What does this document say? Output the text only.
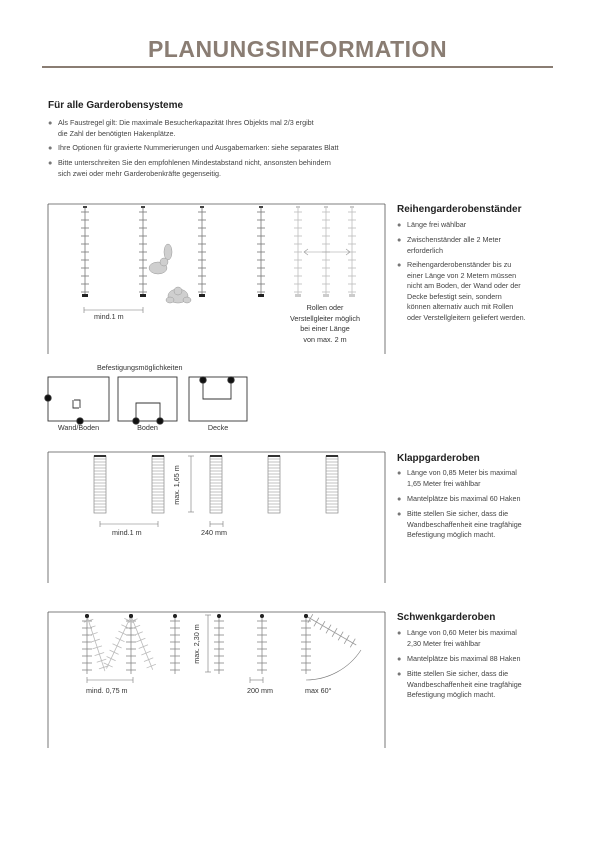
PLANUNGSINFORMATION
Für alle Garderobensysteme
● Als Faustregel gilt: Die maximale Besucherkapazität Ihres Objekts mal 2/3 ergibt
die Zahl der benötigten Hakenplätze.
● Ihre Optionen für gravierte Nummerierungen und Ausgabemarken: siehe separates Blatt
● Bitte unterschreiten Sie den empfohlenen Mindestabstand nicht, ansonsten behindern
sich zwei oder mehr Garderobenkräfte gegenseitig.
mind.1 m
Rollen oder
Verstellgleiter möglich
bei einer Länge
von max. 2 m
Reihengarderobenständer
● Länge frei wählbar
● Zwischenständer alle 2 Meter
erforderlich
● Reihengarderobenständer bis zu
einer Länge von 2 Metern müssen
nicht am Boden, der Wand oder der
Decke befestigt sein, sondern
können alternativ auch mit Rollen
oder Verstellgleitern geliefert werden.
Befestigungsmöglichkeiten
Wand/Boden	Boden	Decke
mind.1 m	240 mm
max. 1,65 m
Klappgarderoben
● Länge von 0,85 Meter bis maximal
1,65 Meter frei wählbar
● Mantelplätze bis maximal 60 Haken
● Bitte stellen Sie sicher, dass die
Wandbeschaffenheit eine tragfähige
Befestigung möglich macht.
mind. 0,75 m	200 mm	max 60°
max. 2,30 m
Schwenkgarderoben
● Länge von 0,60 Meter bis maximal
2,30 Meter frei wählbar
● Mantelplätze bis maximal 88 Haken
● Bitte stellen Sie sicher, dass die
Wandbeschaffenheit eine tragfähige
Befestigung möglich macht.
